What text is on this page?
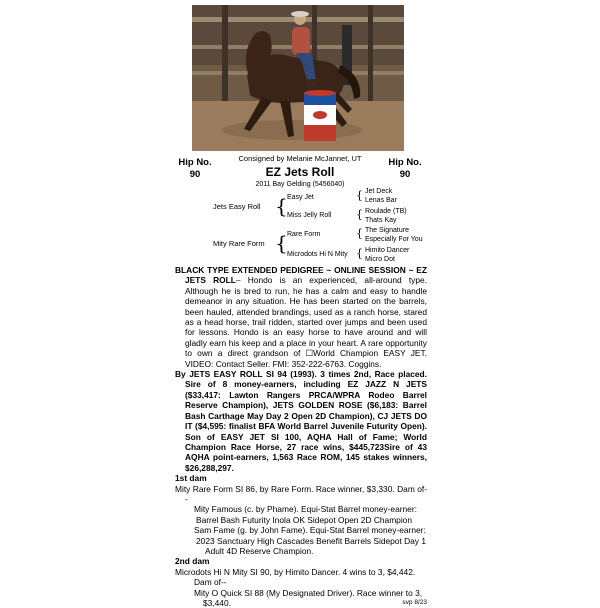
Hip No.
90
Hip No.
90
Consigned by Melanie McJannet, UT
EZ Jets Roll
2011 Bay Gelding (5456040)
Jets Easy Roll { Easy Jet
Miss Jelly Roll
{ Jet Deck
Lenas Bar
{ Roulade (TB)
Thats Kay
Mity Rare Form { Rare Form
Microdots Hi N Mity
{ The Signature
Especially For You
{ Himito Dancer
Micro Dot

BLACK TYPE EXTENDED PEDIGREE ~ ONLINE SESSION ~ EZ JETS ROLL– Hondo is an experienced, all-around type. Although he is bred to run, he has a calm and easy to handle demeanor in any situation. He has been started on the barrels, been hauled, attended brandings, used as a ranch horse, stared as a head horse, trail ridden, started over jumps and been used for lessons. Hondo is an easy horse to have around and will gladly earn his keep and a place in your heart. A rare opportunity to own a direct grandson of ☐World Champion EASY JET. VIDEO: Contact Seller. FMI: 352-222-6763. Coggins.

By JETS EASY ROLL SI 94 (1993). 3 times 2nd, Race placed. Sire of 8 money-earners, including EZ JAZZ N JETS ($33,417: Lawton Rangers PRCA/WPRA Rodeo Barrel Reserve Champion), JETS GOLDEN ROSE ($6,183: Barrel Bash Carthage May Day 2 Open 2D Champion), CJ JETS DO IT ($4,595: finalist BFA World Barrel Juvenile Futurity Open). Son of EASY JET SI 100, AQHA Hall of Fame; World Champion Race Horse, 27 race wins, $445,723Sire of 43 AQHA point-earners, 1,563 Race ROM, 145 stakes winners, $26,288,297.

1st dam

Mity Rare Form SI 86, by Rare Form. Race winner, $3,330. Dam of--

Mity Famous (c. by Phame). Equi-Stat Barrel money-earner:

Barrel Bash Futurity Inola OK Sidepot Open 2D Champion

Sam Fame (g. by John Fame). Equi-Stat Barrel money-earner:

2023 Sanctuary High Cascades Benefit Barrels Sidepot Day 1 Adult 4D Reserve Champion.

2nd dam

Microdots Hi N Mity SI 90, by Himito Dancer. 4 wins to 3, $4,442.

Dam of--

Mity O Quick SI 88 (My Designated Driver). Race winner to 3, $3,440.	svp 8/23
